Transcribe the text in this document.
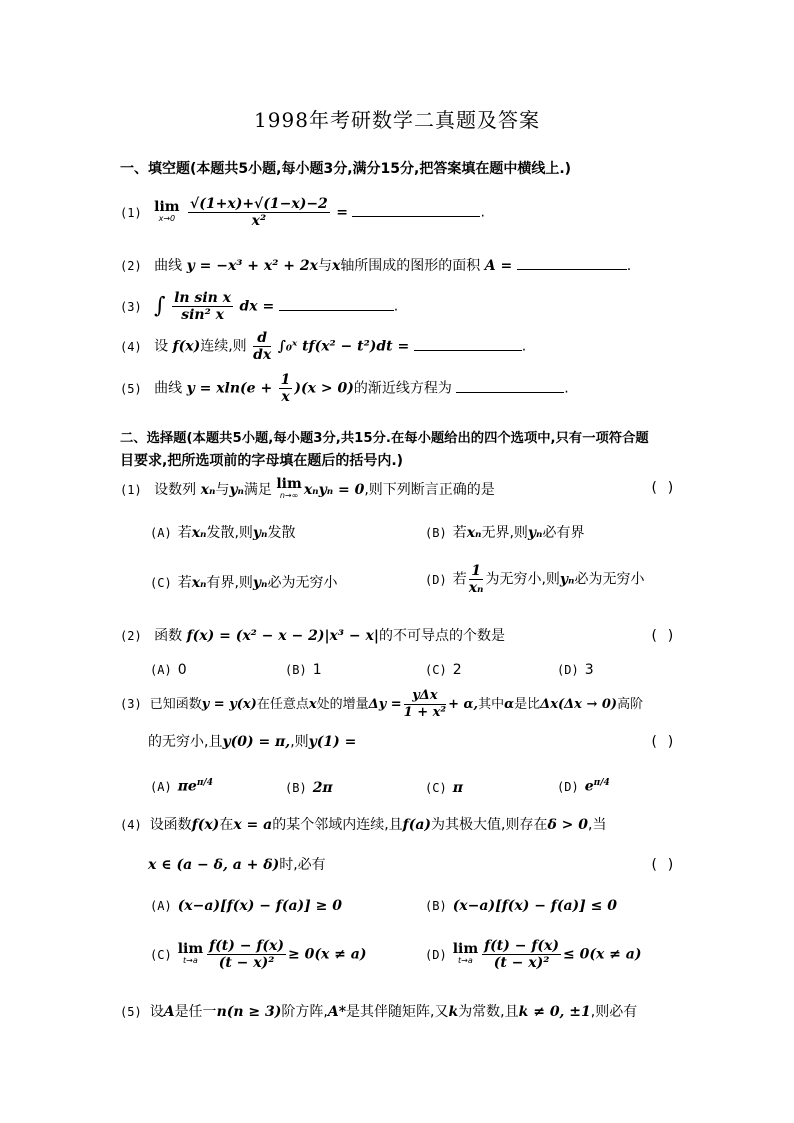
1998年考研数学二真题及答案
一、填空题(本题共5小题,每小题3分,满分15分,把答案填在题中横线上.)
(1) lim
x→0
$\frac{√(1+x)+√(1-x)-2}{\text{x²}}$ =	.
(2) 曲线 y = −x³ + x² + 2x与x轴所围成的图形的面积 A =	.
(3) ∫ $\frac{\text{ln sin x}}{\text{sin² x}}$ dx =	.
(4) 设 f(x)连续,则 $\frac{d}{dx}$ ∫₀ˣ tf(x² − t²)dt =	.
(5) 曲线 $y = xln(e + \frac{1}{x} )(x > 0)$的渐近线方程为	.
二、选择题(本题共5小题,每小题3分,共15分.在每小题给出的四个选项中,只有一项符合题
目要求,把所选项前的字母填在题后的括号内.)
(1) 设数列 xₙ与yₙ满足 lim
n→∞ xₙyₙ = 0,则下列断言正确的是	( )
(A) 若xₙ发散,则yₙ发散	(B) 若xₙ无界,则yₙ必有界
(C) 若xₙ有界,则yₙ必为无穷小	(D) 若 $\frac{1}{\text{xₙ}}$ 为无穷小,则yₙ必为无穷小
(2) 函数 f(x) = (x² − x − 2)|x³ − x|的不可导点的个数是	( )
(A) 0	(B) 1	(C) 2	(D) 3
(3) 已知函数y = y(x)在任意点x处的增量$\Delta y = \frac{\text{yΔx}}{\text{1 + x²}} + \alpha$,其中α是比Δx(Δx → 0)高阶
的无穷小,且y(0) = π,,则y(1) =	( )
(A) $\pi e^{\pi/4}$	(B) 2π	(C) π	(D) $e^{\pi/4}$
(4) 设函数f(x)在x = a的某个邻域内连续,且f(a)为其极大值,则存在δ > 0,当
x ∈ (a − δ, a + δ)时,必有	( )
(A) (x−a)[f(x) − f(a)] ≥ 0	(B) (x−a)[f(x) − f(a)] ≤ 0
(C) lim
$t\to a \frac{f(t) - f(x)}{\text{(t − x)²}} \ge 0(x \ne a)$	(D) lim
$t\to a \frac{f(t) - f(x)}{\text{(t − x)²}} \le 0(x \ne a)$
(5) 设A是任一n(n ≥ 3)阶方阵,A*是其伴随矩阵,又k为常数,且k ≠ 0, ±1,则必有
